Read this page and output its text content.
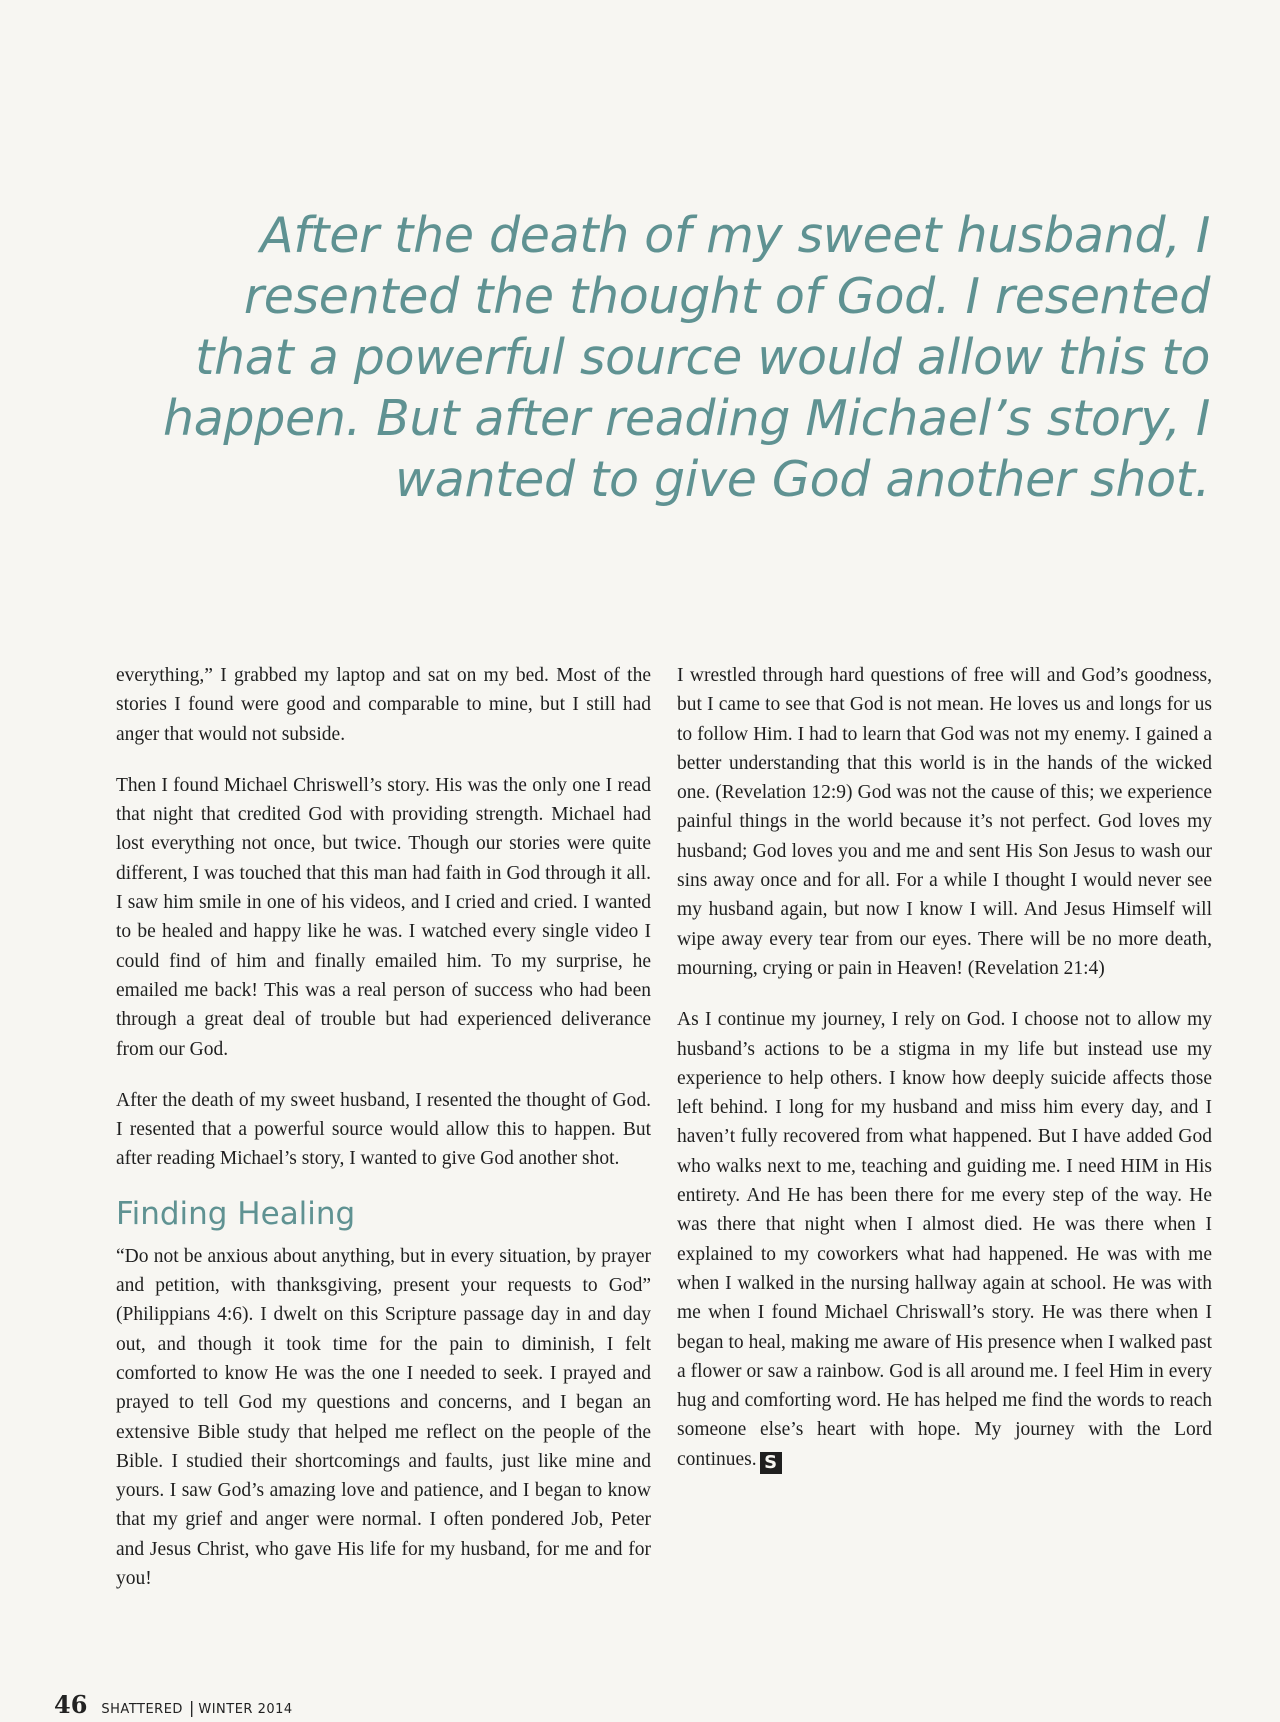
After the death of my sweet husband, I resented the thought of God. I resented that a powerful source would allow this to happen. But after reading Michael’s story, I wanted to give God another shot.

everything,” I grabbed my laptop and sat on my bed. Most of the stories I found were good and comparable to mine, but I still had anger that would not subside.

Then I found Michael Chriswell’s story. His was the only one I read that night that credited God with providing strength. Michael had lost everything not once, but twice. Though our stories were quite different, I was touched that this man had faith in God through it all. I saw him smile in one of his videos, and I cried and cried. I wanted to be healed and happy like he was. I watched every single video I could find of him and finally emailed him. To my surprise, he emailed me back! This was a real person of success who had been through a great deal of trouble but had experienced deliverance from our God.

After the death of my sweet husband, I resented the thought of God. I resented that a powerful source would allow this to happen. But after reading Michael’s story, I wanted to give God another shot.

Finding Healing

“Do not be anxious about anything, but in every situation, by prayer and petition, with thanksgiving, present your requests to God” (Philippians 4:6). I dwelt on this Scripture passage day in and day out, and though it took time for the pain to diminish, I felt comforted to know He was the one I needed to seek. I prayed and prayed to tell God my questions and concerns, and I began an extensive Bible study that helped me reflect on the people of the Bible. I studied their shortcomings and faults, just like mine and yours. I saw God’s amazing love and patience, and I began to know that my grief and anger were normal. I often pondered Job, Peter and Jesus Christ, who gave His life for my husband, for me and for you!

I wrestled through hard questions of free will and God’s goodness, but I came to see that God is not mean. He loves us and longs for us to follow Him. I had to learn that God was not my enemy. I gained a better understanding that this world is in the hands of the wicked one. (Revelation 12:9) God was not the cause of this; we experience painful things in the world because it’s not perfect. God loves my husband; God loves you and me and sent His Son Jesus to wash our sins away once and for all. For a while I thought I would never see my husband again, but now I know I will. And Jesus Himself will wipe away every tear from our eyes. There will be no more death, mourning, crying or pain in Heaven! (Revelation 21:4)

As I continue my journey, I rely on God. I choose not to allow my husband’s actions to be a stigma in my life but instead use my experience to help others. I know how deeply suicide affects those left behind. I long for my husband and miss him every day, and I haven’t fully recovered from what happened. But I have added God who walks next to me, teaching and guiding me. I need HIM in His entirety. And He has been there for me every step of the way. He was there that night when I almost died. He was there when I explained to my coworkers what had happened. He was with me when I walked in the nursing hallway again at school. He was with me when I found Michael Chriswall’s story. He was there when I began to heal, making me aware of His presence when I walked past a flower or saw a rainbow. God is all around me. I feel Him in every hug and comforting word. He has helped me find the words to reach someone else’s heart with hope. My journey with the Lord continues. S

46 SHATTERED | WINTER 2014
